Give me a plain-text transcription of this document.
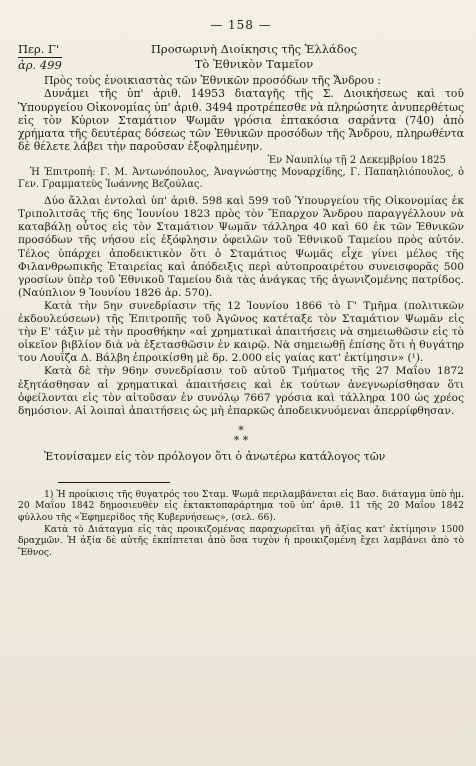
— 158 —
Περ. Γ'
ἀρ. 499
Προσωρινὴ Διοίκησις τῆς Ἑλλάδος
Τὸ Ἐθνικὸν Ταμεῖον

Πρὸς τοὺς ἐνοικιαστὰς τῶν Ἐθνικῶν προσόδων τῆς Ἄνδρου :

Δυνάμει τῆς ὑπ' ἀριθ. 14953 διαταγῆς τῆς Σ. Διοικήσεως καὶ τοῦ Ὑπουργείου Οἰκονομίας ὑπ' ἀριθ. 3494 προτρέπεσθε νὰ πληρώσητε ἀνυπερθέτως εἰς τὸν Κύριον Σταμάτιον Ψωμᾶν γρόσια ἑπτακόσια σαράντα (740) ἀπὸ χρήματα τῆς δευτέρας δόσεως τῶν Ἐθνικῶν προσόδων τῆς Ἄνδρου, πληρωθέντα δὲ θέλετε λάβει τὴν παροῦσαν ἐξοφλημένην.

Ἐν Ναυπλίῳ τῇ 2 Δεκεμβρίου 1825

Ἡ Ἐπιτροπή: Γ. Μ. Ἀντωνόπουλος, Ἀναγνώστης Μοναρχίδης, Γ. Παπαηλιόπουλος, ὁ Γεν. Γραμματεὺς Ἰωάννης Βεζούλας.

Δύο ἄλλαι ἐντολαὶ ὑπ' ἀριθ. 598 καὶ 599 τοῦ Ὑπουργείου τῆς Οἰκονομίας ἐκ Τριπολιτσᾶς τῆς 6ης Ἰουνίου 1823 πρὸς τὸν Ἔπαρχον Ἄνδρου παραγγέλλουν νὰ καταβάλῃ οὗτος εἰς τὸν Σταμάτιον Ψωμᾶν τάλληρα 40 καὶ 60 ἐκ τῶν Ἐθνικῶν προσόδων τῆς νήσου εἰς ἐξόφλησιν ὀφειλῶν τοῦ Ἐθνικοῦ Ταμείου πρὸς αὐτόν. Τέλος ὑπάρχει ἀποδεικτικὸν ὅτι ὁ Σταμάτιος Ψωμᾶς εἶχε γίνει μέλος τῆς Φιλανθρωπικῆς Ἑταιρείας καὶ ἀπόδειξις περὶ αὐτοπροαιρέτου συνεισφορᾶς 500 γροσίων ὑπὲρ τοῦ Ἐθνικοῦ Ταμείου διὰ τὰς ἀνάγκας τῆς ἀγωνιζομένης πατρίδος. (Ναύπλιον 9 Ἰουνίου 1826 ἀρ. 570).

Κατὰ τὴν 5ην συνεδρίασιν τῆς 12 Ἰουνίου 1866 τὸ Γ' Τμῆμα (πολιτικῶν ἐκδουλεύσεων) τῆς Ἐπιτροπῆς τοῦ Ἀγῶνος κατέταξε τὸν Σταμάτιον Ψωμᾶν εἰς τὴν Ε' τάξιν μὲ τὴν προσθήκην «αἱ χρηματικαὶ ἀπαιτήσεις νὰ σημειωθῶσιν εἰς τὸ οἰκεῖον βιβλίον διὰ νὰ ἐξετασθῶσιν ἐν καιρῷ. Νὰ σημειωθῇ ἐπίσης ὅτι ἡ θυγάτηρ του Λουΐζα Δ. Βάλβη ἐπροικίσθη μὲ δρ. 2.000 εἰς γαίας κατ' ἐκτίμησιν» (¹).

Κατὰ δὲ τὴν 96ην συνεδρίασιν τοῦ αὐτοῦ Τμήματος τῆς 27 Μαΐου 1872 ἐξητάσθησαν αἱ χρηματικαὶ ἀπαιτήσεις καὶ ἐκ τούτων ἀνεγνωρίσθησαν ὅτι ὀφείλονται εἰς τὸν αἰτοῦσαν ἐν συνόλῳ 7667 γρόσια καὶ τάλληρα 100 ὡς χρέος δημόσιον. Αἱ λοιπαὶ ἀπαιτήσεις ὡς μὴ ἐπαρκῶς ἀποδεικνυόμεναι ἀπερρίφθησαν.

*
* *

Ἐτονίσαμεν εἰς τὸν πρόλογον ὅτι ὁ ἀνωτέρω κατάλογος τῶν

1) Ἡ προίκισις τῆς θυγατρός του Σταμ. Ψωμᾶ περιλαμβάνεται εἰς Βασ. διάταγμα ὑπὸ ἡμ. 20 Μαΐου 1842 δημοσιευθὲν εἰς ἐκτακτοπαράρτημα τοῦ ὑπ' ἀριθ. 11 τῆς 20 Μαΐου 1842 φύλλου τῆς «Ἐφημερίδος τῆς Κυβερνήσεως», (σελ. 66).

Κατὰ τὸ Διάταγμα εἰς τὰς προικιζομένας παραχωρεῖται γῆ ἀξίας κατ' ἐκτίμησιν 1500 δραχμῶν. Ἡ ἀξία δὲ αὐτῆς ἐκπίπτεται ἀπὸ ὅσα τυχὸν ἡ προικιζομένη ἔχει λαμβάνει ἀπὸ τὸ Ἔθνος.
